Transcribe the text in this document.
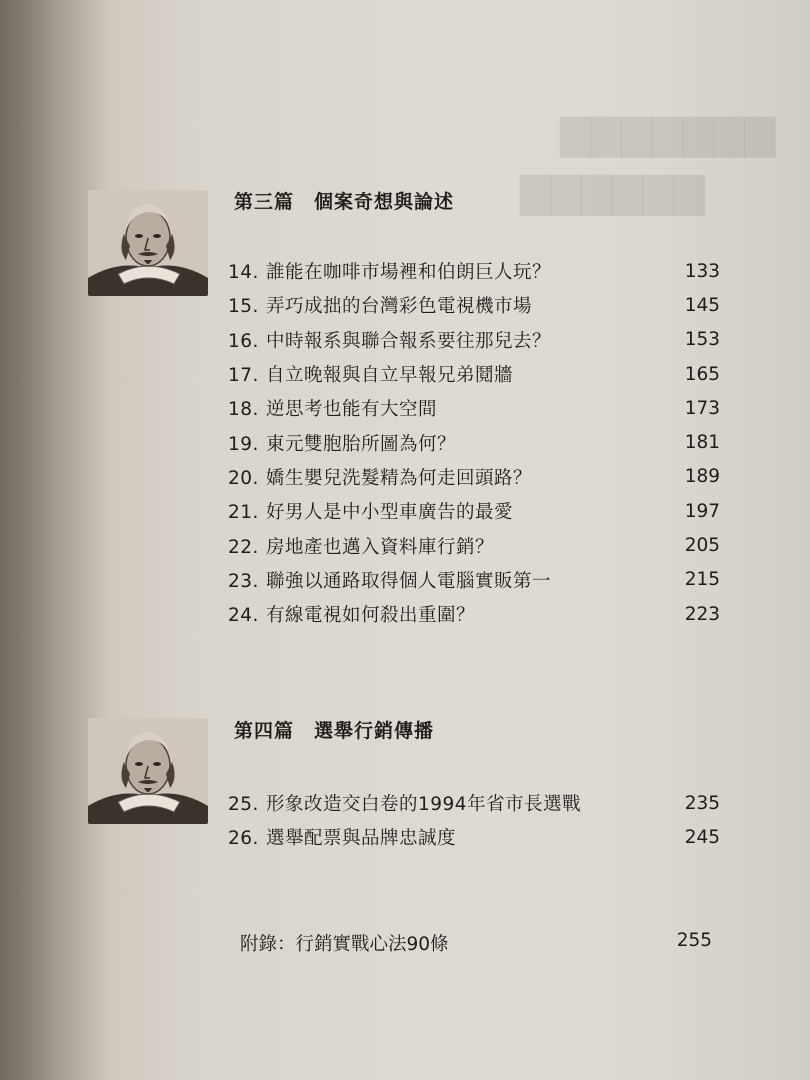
▇▇▇▇▇▇▇
▇▇▇▇▇▇
第三篇　個案奇想與論述
14. 誰能在咖啡市場裡和伯朗巨人玩？	133
15. 弄巧成拙的台灣彩色電視機市場	145
16. 中時報系與聯合報系要往那兒去？	153
17. 自立晚報與自立早報兄弟鬩牆	165
18. 逆思考也能有大空間	173
19. 東元雙胞胎所圖為何？	181
20. 嬌生嬰兒洗髮精為何走回頭路？	189
21. 好男人是中小型車廣告的最愛	197
22. 房地產也邁入資料庫行銷？	205
23. 聯強以通路取得個人電腦實販第一	215
24. 有線電視如何殺出重圍？	223
第四篇　選舉行銷傳播
25. 形象改造交白卷的1994年省市長選戰	235
26. 選舉配票與品牌忠誠度	245
附錄：行銷實戰心法90條	255
